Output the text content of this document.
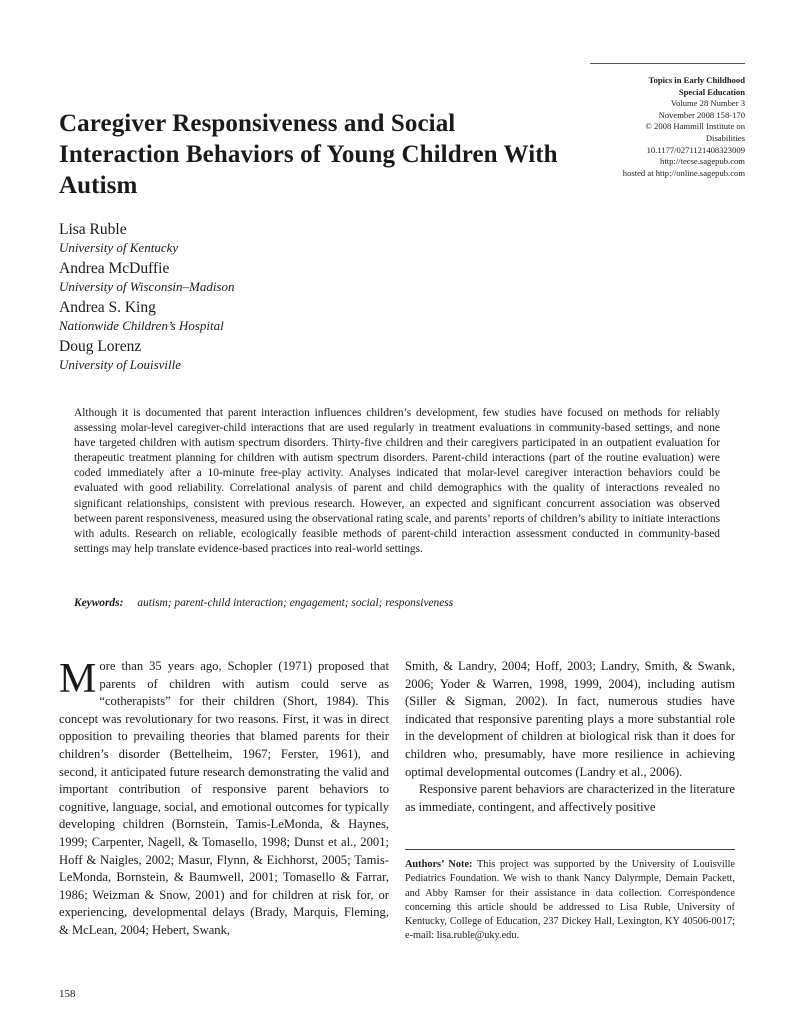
Topics in Early Childhood
Special Education
Volume 28 Number 3
November 2008 158-170
© 2008 Hammill Institute on
Disabilities
10.1177/0271121408323009
http://tecse.sagepub.com
hosted at http://online.sagepub.com
Caregiver Responsiveness and Social Interaction Behaviors of Young Children With Autism
Lisa Ruble
University of Kentucky
Andrea McDuffie
University of Wisconsin–Madison
Andrea S. King
Nationwide Children’s Hospital
Doug Lorenz
University of Louisville

Although it is documented that parent interaction influences children’s development, few studies have focused on methods for reliably assessing molar-level caregiver-child interactions that are used regularly in treatment evaluations in community-based settings, and none have targeted children with autism spectrum disorders. Thirty-five children and their caregivers participated in an outpatient evaluation for therapeutic treatment planning for children with autism spectrum disorders. Parent-child interactions (part of the routine evaluation) were coded immediately after a 10-minute free-play activity. Analyses indicated that molar-level caregiver interaction behaviors could be evaluated with good reliability. Correlational analysis of parent and child demographics with the quality of interactions revealed no significant relationships, consistent with previous research. However, an expected and significant concurrent association was observed between parent responsiveness, measured using the observational rating scale, and parents’ reports of children’s ability to initiate interactions with adults. Research on reliable, ecologically feasible methods of parent-child interaction assessment conducted in community-based settings may help translate evidence-based practices into real-world settings.

Keywords: autism; parent-child interaction; engagement; social; responsiveness

More than 35 years ago, Schopler (1971) proposed that parents of children with autism could serve as “cotherapists” for their children (Short, 1984). This concept was revolutionary for two reasons. First, it was in direct opposition to prevailing theories that blamed parents for their children’s disorder (Bettelheim, 1967; Ferster, 1961), and second, it anticipated future research demonstrating the valid and important contribution of responsive parent behaviors to cognitive, language, social, and emotional outcomes for typically developing children (Bornstein, Tamis-LeMonda, & Haynes, 1999; Carpenter, Nagell, & Tomasello, 1998; Dunst et al., 2001; Hoff & Naigles, 2002; Masur, Flynn, & Eichhorst, 2005; Tamis-LeMonda, Bornstein, & Baumwell, 2001; Tomasello & Farrar, 1986; Weizman & Snow, 2001) and for children at risk for, or experiencing, developmental delays (Brady, Marquis, Fleming, & McLean, 2004; Hebert, Swank,

Smith, & Landry, 2004; Hoff, 2003; Landry, Smith, & Swank, 2006; Yoder & Warren, 1998, 1999, 2004), including autism (Siller & Sigman, 2002). In fact, numerous studies have indicated that responsive parenting plays a more substantial role in the development of children at biological risk than it does for children who, presumably, have more resilience in achieving optimal developmental outcomes (Landry et al., 2006).
Responsive parent behaviors are characterized in the literature as immediate, contingent, and affectively positive

Authors’ Note: This project was supported by the University of Louisville Pediatrics Foundation. We wish to thank Nancy Dalyrmple, Demain Packett, and Abby Ramser for their assistance in data collection. Correspondence concerning this article should be addressed to Lisa Ruble, University of Kentucky, College of Education, 237 Dickey Hall, Lexington, KY 40506-0017; e-mail: lisa.ruble@uky.edu.

158
